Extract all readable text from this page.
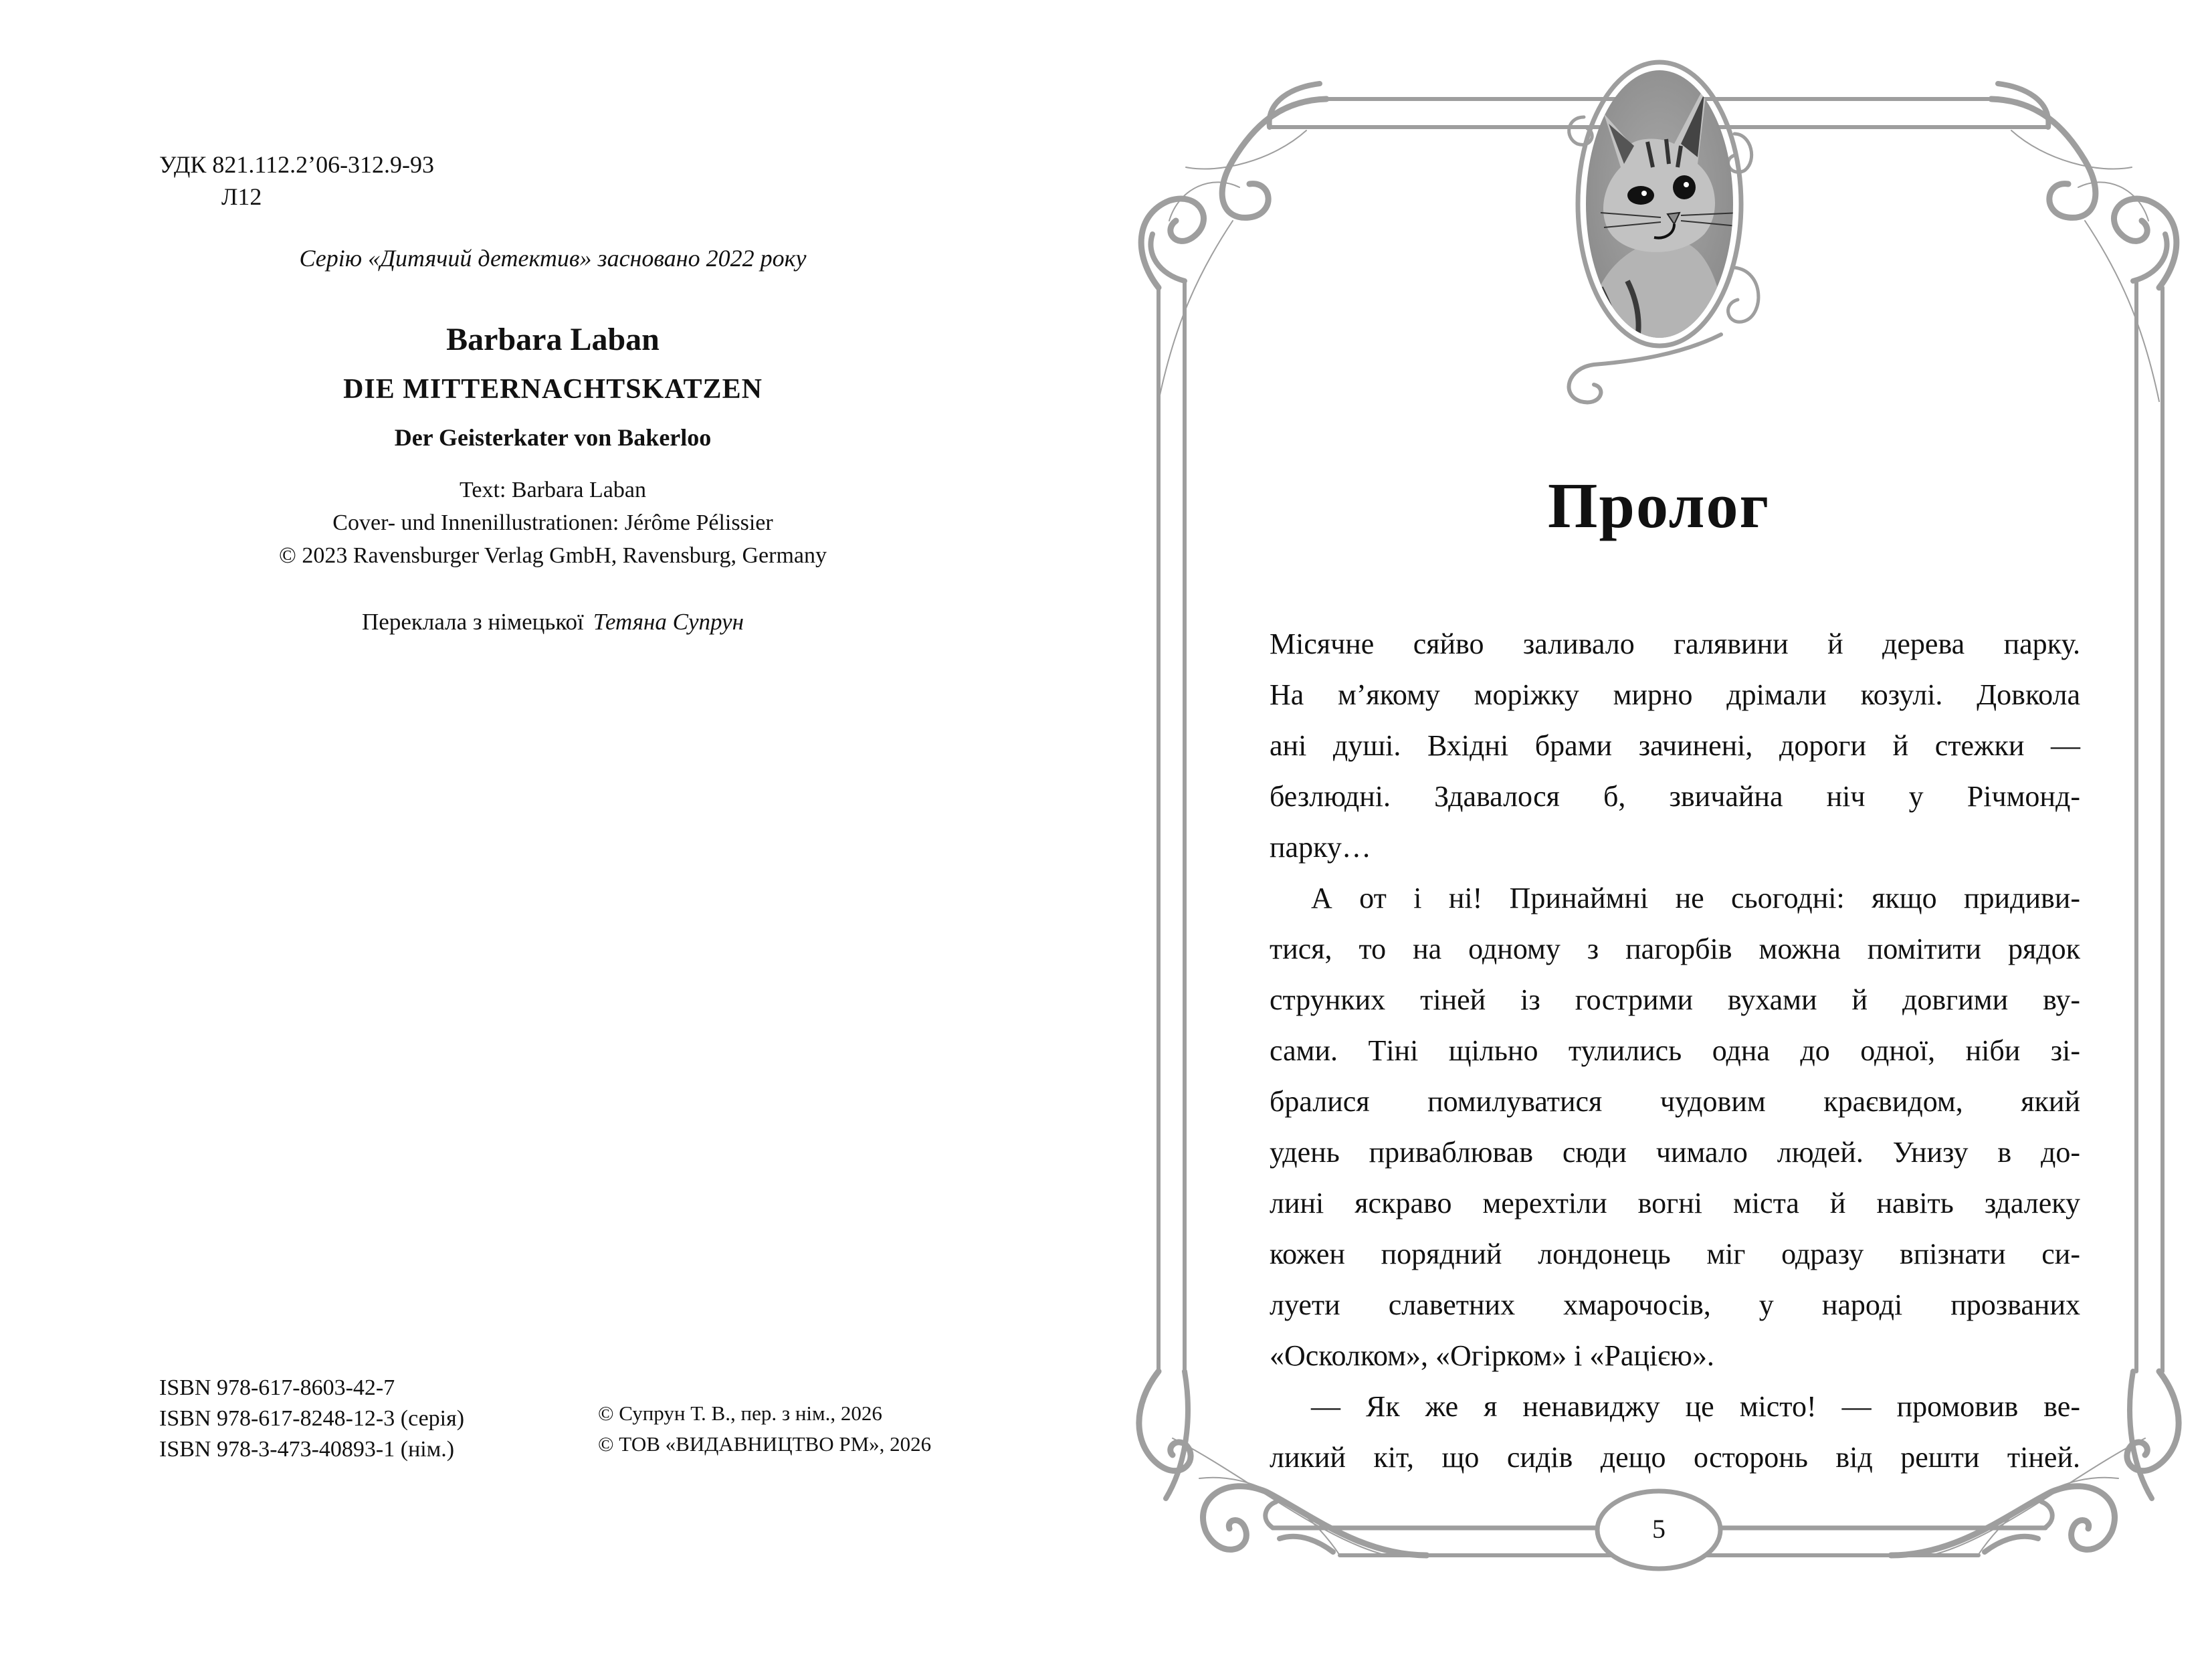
УДК 821.112.2’06-312.9-93
Л12
Серію «Дитячий детектив» засновано 2022 року
Barbara Laban
DIE MITTERNACHTSKATZEN
Der Geisterkater von Bakerloo
Text: Barbara Laban
Cover- und Innenillustrationen: Jérôme Pélissier
© 2023 Ravensburger Verlag GmbH, Ravensburg, Germany
Переклала з німецької Тетяна Супрун
ISBN 978-617-8603-42-7
ISBN 978-617-8248-12-3 (серія)
ISBN 978-3-473-40893-1 (нім.)
© Супрун Т. В., пер. з нім., 2026
© ТОВ «ВИДАВНИЦТВО РМ», 2026
Пролог
Місячне сяйво заливало галявини й дерева парку.
На м’якому моріжку мирно дрімали козулі. Довкола
ані душі. Вхідні брами зачинені, дороги й стежки —
безлюдні. Здавалося б, звичайна ніч у Річмонд-
парку…
А от і ні! Принаймні не сьогодні: якщо придиви-
тися, то на одному з пагорбів можна помітити рядок
струнких тіней із гострими вухами й довгими ву-
сами. Тіні щільно тулились одна до одної, ніби зі-
бралися помилуватися чудовим краєвидом, який
удень приваблював сюди чимало людей. Унизу в до-
лині яскраво мерехтіли вогні міста й навіть здалеку
кожен порядний лондонець міг одразу впізнати си-
луети славетних хмарочосів, у народі прозваних
«Осколком», «Огірком» і «Рацією».
— Як же я ненавиджу це місто! — промовив ве-
ликий кіт, що сидів дещо осторонь від решти тіней.
5
